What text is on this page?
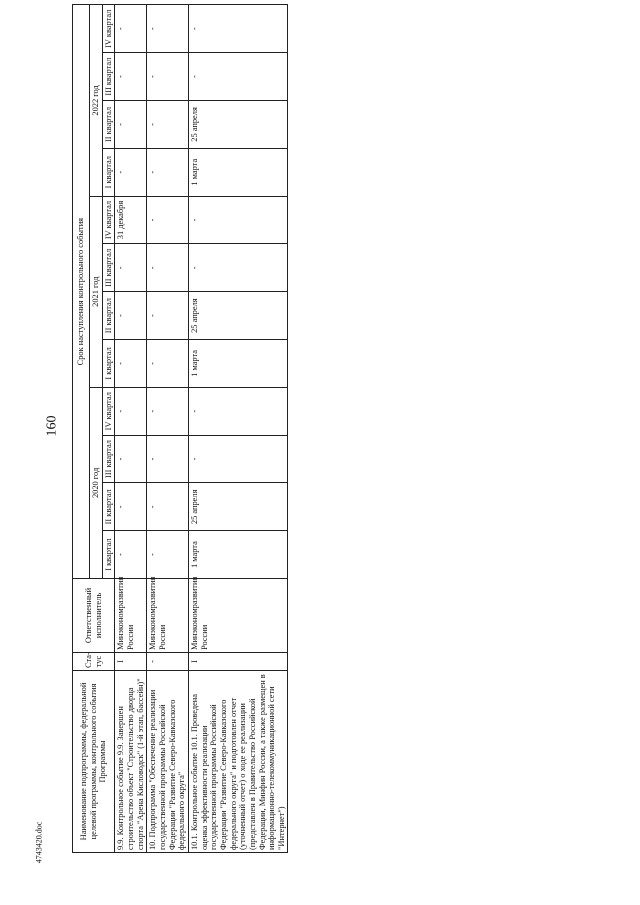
160
4743420.doc
Наименование подпрограммы, федеральной целевой программы, контрольного события Программы	Ста-тус	Ответственный исполнитель	Срок наступления контрольного события											
			2020 год				2021 год				2022 год			
			I квартал	II квартал	III квартал	IV квартал	I квартал	II квартал	III квартал	IV квартал	I квартал	II квартал	III квартал	IV квартал
9.9. Контрольное событие 9.9. Завершен строительство объект "Строительство дворца спорта "Арена Кисловодск" (1-й этап, бассейн)"	I	Минэкономразвития России	-	-	-	-	-	-	-	31 декабря	-	-	-	-
10. Подпрограмма "Обеспечение реализации государственной программы Российской Федерации "Развитие Северо-Кавказского федерального округа"	-	Минэкономразвития России	-	-	-	-	-	-	-	-	-	-	-	-
10.1. Контрольное событие 10.1. Проведена оценка эффективности реализации государственной программы Российской Федерации "Развитие Северо-Кавказского федерального округа" и подготовлен отчет (уточненный отчет) о ходе ее реализации (представлен в Правительство Российской Федерации, Минфин России, а также размещен в информационно-телекоммуникационной сети "Интернет")	I	Минэкономразвития России	1 марта	25 апреля	-	-	1 марта	25 апреля	-	-	1 марта	25 апреля	-	-
